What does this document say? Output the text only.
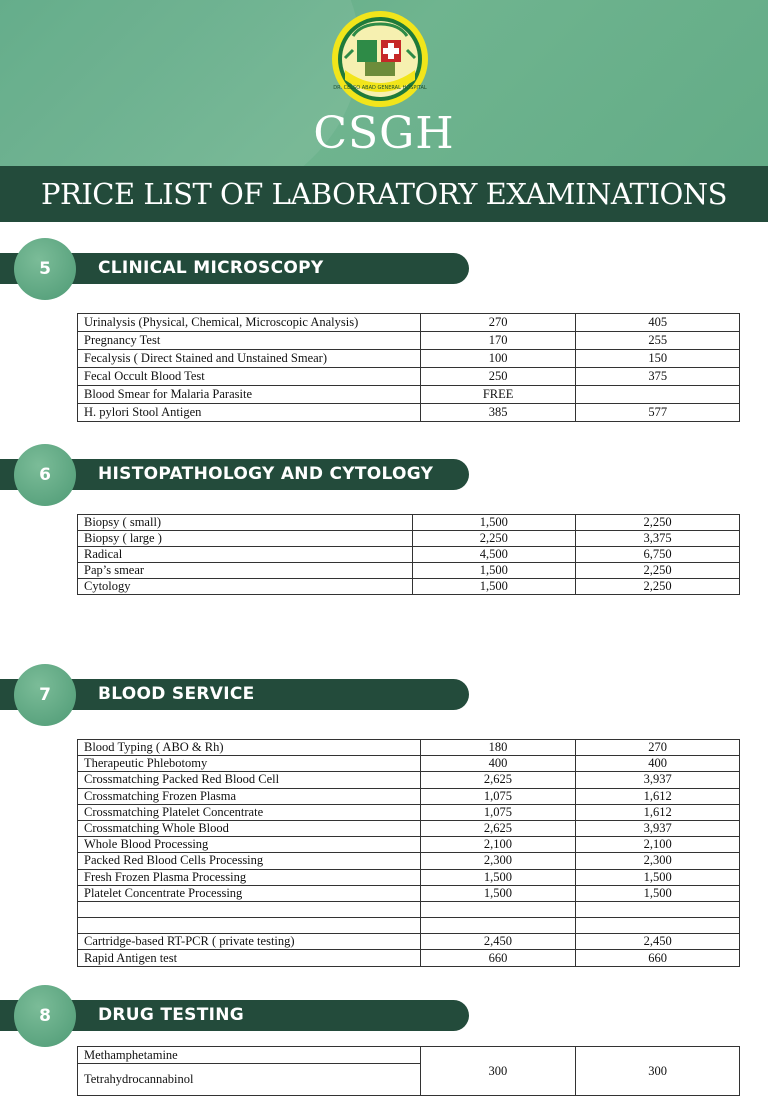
DR. CELSO ABAD GENERAL HOSPITAL
CSGH
PRICE LIST OF LABORATORY EXAMINATIONS
5	CLINICAL MICROSCOPY
Urinalysis (Physical, Chemical, Microscopic Analysis)	270	405
Pregnancy Test	170	255
Fecalysis ( Direct Stained and Unstained Smear)	100	150
Fecal Occult Blood Test	250	375
Blood Smear for Malaria Parasite	FREE	
H. pylori Stool Antigen	385	577
6	HISTOPATHOLOGY AND CYTOLOGY
Biopsy ( small)	1,500	2,250
Biopsy ( large )	2,250	3,375
Radical	4,500	6,750
Pap’s smear	1,500	2,250
Cytology	1,500	2,250
7	BLOOD SERVICE
Blood Typing ( ABO & Rh)	180	270
Therapeutic Phlebotomy	400	400
Crossmatching Packed Red Blood Cell	2,625	3,937
Crossmatching Frozen Plasma	1,075	1,612
Crossmatching Platelet Concentrate	1,075	1,612
Crossmatching Whole Blood	2,625	3,937
Whole Blood Processing	2,100	2,100
Packed Red Blood Cells Processing	2,300	2,300
Fresh Frozen Plasma Processing	1,500	1,500
Platelet Concentrate Processing	1,500	1,500

Cartridge-based RT-PCR ( private testing)	2,450	2,450
Rapid Antigen test	660	660
8	DRUG TESTING
Methamphetamine	300	300
Tetrahydrocannabinol
